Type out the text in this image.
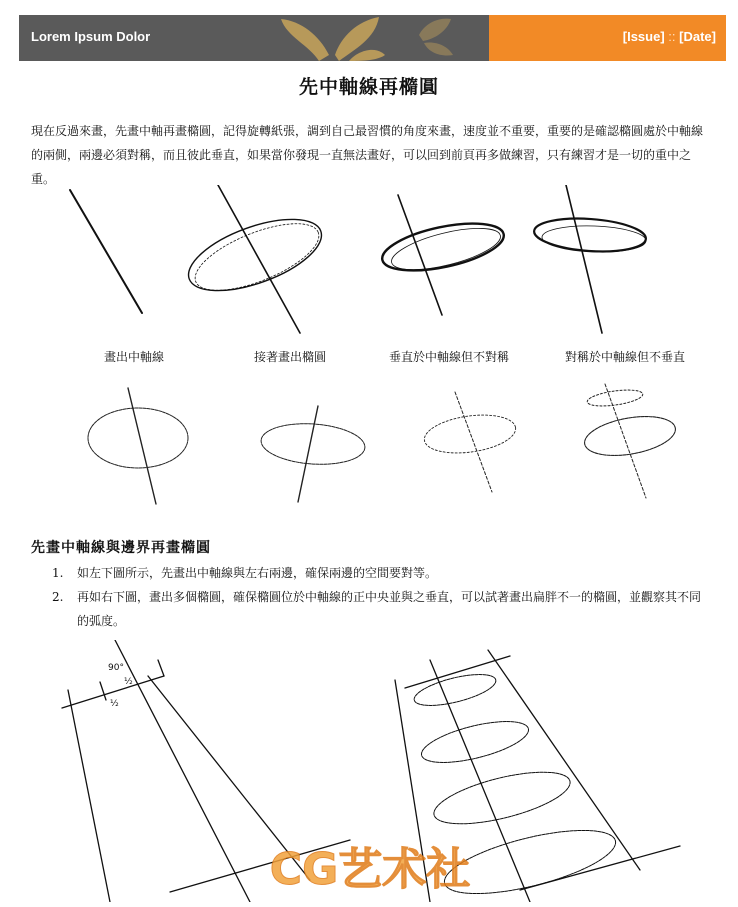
Lorem Ipsum Dolor	[Issue] :: [Date]
先中軸線再橢圓
現在反過來畫，先畫中軸再畫橢圓，記得旋轉紙張，調到自己最習慣的角度來畫，速度並不重要，重要的是確認橢圓處於中軸線的兩側，兩邊必須對稱，而且彼此垂直，如果當你發現一直無法畫好，可以回到前頁再多做練習，只有練習才是一切的重中之重。
畫出中軸線	接著畫出橢圓	垂直於中軸線但不對稱	對稱於中軸線但不垂直
先畫中軸線與邊界再畫橢圓
1. 如左下圖所示，先畫出中軸線與左右兩邊，確保兩邊的空間要對等。
2. 再如右下圖，畫出多個橢圓，確保橢圓位於中軸線的正中央並與之垂直，可以試著畫出扁胖不一的橢圓，並觀察其不同的弧度。
½
½
90°
CG艺术社
